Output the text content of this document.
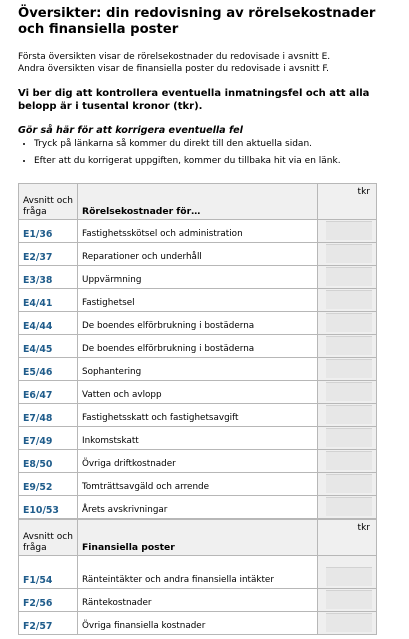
Översikter: din redovisning av rörelsekostnader och finansiella poster
Första översikten visar de rörelsekostnader du redovisade i avsnitt E.
Andra översikten visar de finansiella poster du redovisade i avsnitt F.
Vi ber dig att kontrollera eventuella inmatningsfel och att alla belopp är i tusental kronor (tkr).
Gör så här för att korrigera eventuella fel
• Tryck på länkarna så kommer du direkt till den aktuella sidan.
• Efter att du korrigerat uppgiften, kommer du tillbaka hit via en länk.
Avsnitt och fråga	Rörelsekostnader för…	tkr
E1/36	Fastighetsskötsel och administration	

E2/37	Reparationer och underhåll	

E3/38	Uppvärmning	

E4/41	Fastighetsel	

E4/44	De boendes elförbrukning i bostäderna	

E4/45	De boendes elförbrukning i bostäderna	

E5/46	Sophantering	

E6/47	Vatten och avlopp	

E7/48	Fastighetsskatt och fastighetsavgift	

E7/49	Inkomstskatt	

E8/50	Övriga driftkostnader	

E9/52	Tomträttsavgäld och arrende	

E10/53	Årets avskrivningar	
Avsnitt och fråga	Finansiella poster	tkr
F1/54	Ränteintäkter och andra finansiella intäkter	

F2/56	Räntekostnader	

F2/57	Övriga finansiella kostnader	
